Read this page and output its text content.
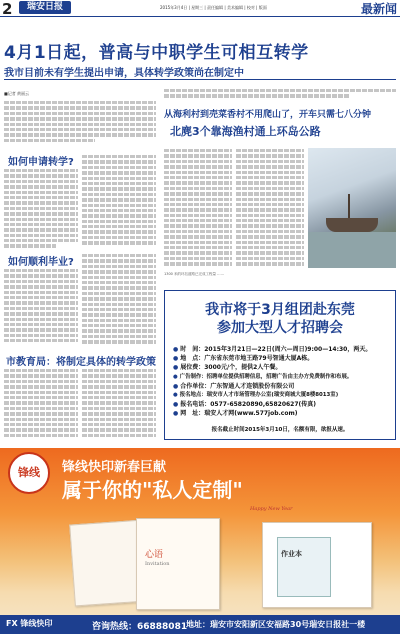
2	瑞安日报	2015年3月4日 | 星期三 | 责任编辑 | 美术编辑 | 校对 | 版面	最新闻
4月1日起，普高与中职学生可相互转学
我市目前未有学生提出申请，具体转学政策尚在制定中
■记者 黄丽云
如何申请转学?
如何顺利毕业?
市教育局：将制定具体的转学政策
从海利村到売菜香村不用爬山了，开车只需七八分钟
北麂3个靠海渔村通上环岛公路
1300 米的环岛道路已完成工程量 ……
我市将于3月组团赴东莞
参加大型人才招聘会
● 时　间：2015年3月21日—22日(周六—周日)9:00—14:30，两天。
● 地　点：广东省东莞市地王路79号智通大厦A栋。
● 展位费：3000元/个，提供2人午餐。
● 广告制作：招聘单位提供招聘信息，招聘广告由主办方免费制作和布展。
● 合作单位：广东智通人才连锁股份有限公司
● 报名地点：瑞安市人才市场管理办公室(瑞安商城大厦8楼8013室)
● 报名电话：0577-65820890,65820627(传真)
● 网　址：瑞安人才网(www.577job.com)
报名截止时间2015年3月10日，名额有限，欲报从速。
锋线	锋线快印新春巨献
属于你的"私人定制"
Happy New Year
心语
Invitation
作业本
FX 锋线快印	咨询热线：66888081
地址：瑞安市安阳新区安福路30号瑞安日报社一楼
